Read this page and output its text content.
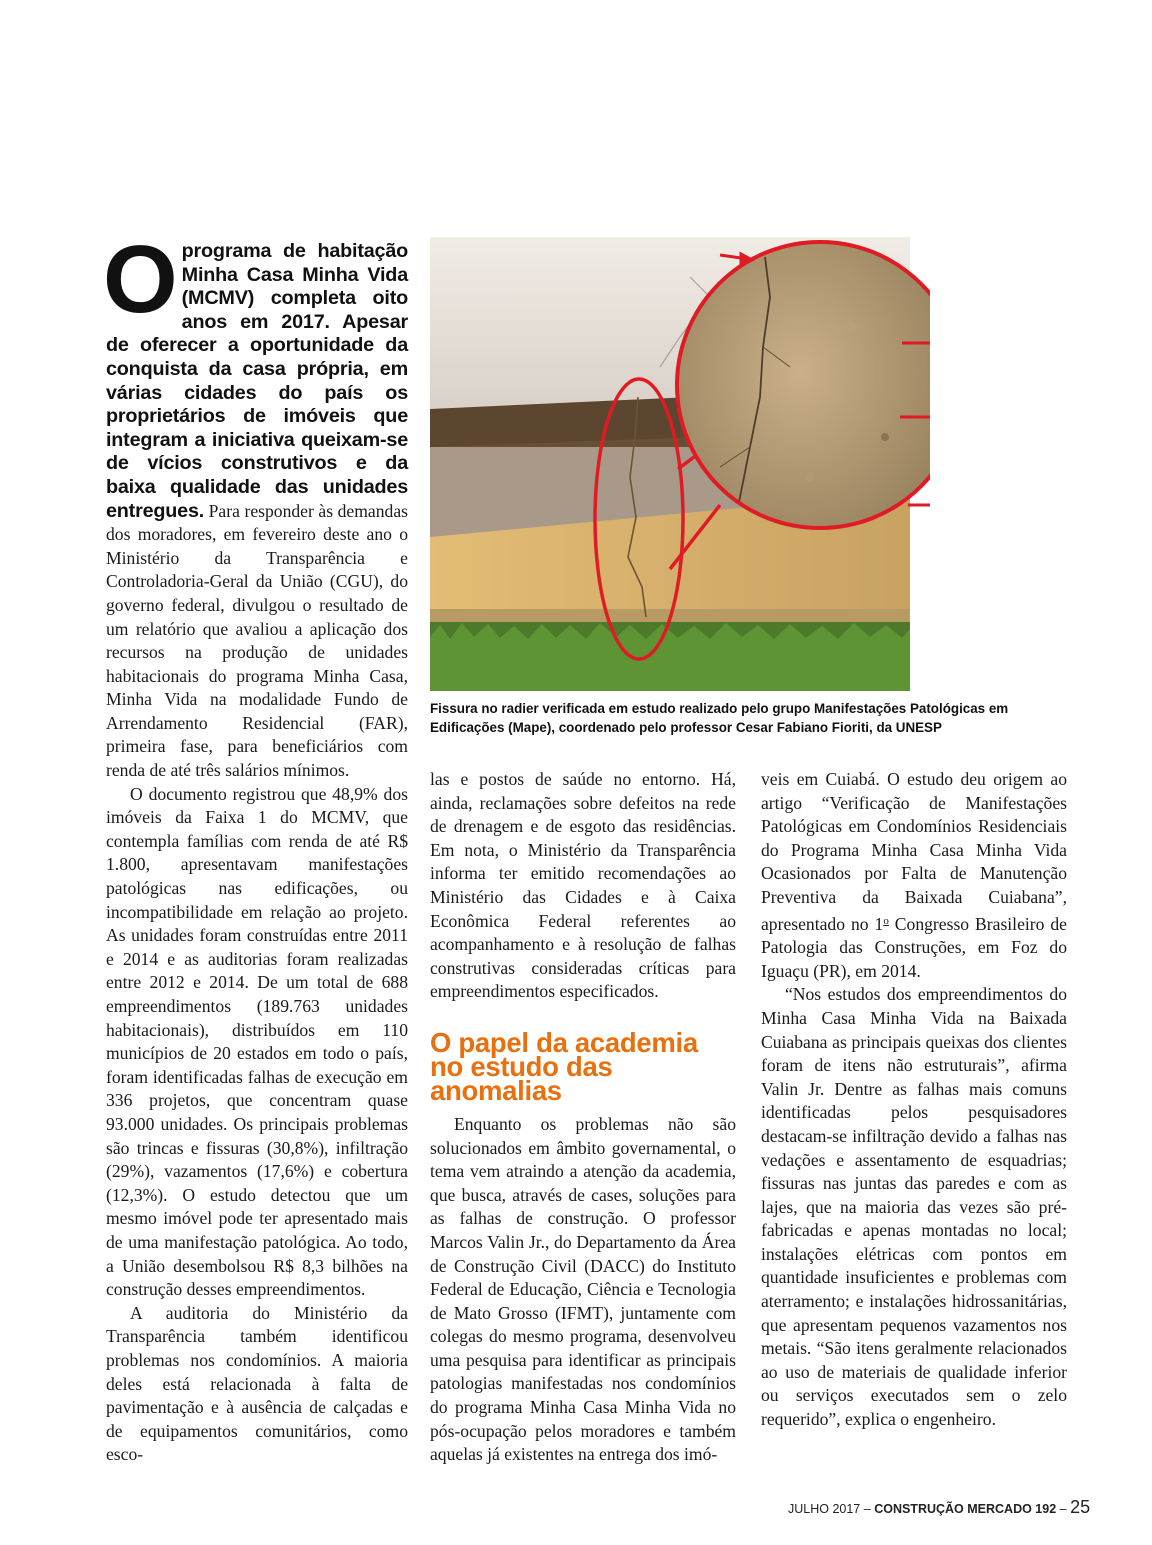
Oprograma de habitação Minha Casa Minha Vida (MCMV) completa oito anos em 2017. Apesar de oferecer a oportunidade da conquista da casa própria, em várias cidades do país os proprietários de imóveis que integram a iniciativa queixam-se de vícios construtivos e da baixa qualidade das unidades entregues. Para responder às demandas dos moradores, em fevereiro deste ano o Ministério da Transparência e Controladoria-Geral da União (CGU), do governo federal, divulgou o resultado de um relatório que avaliou a aplicação dos recursos na produção de unidades habitacionais do programa Minha Casa, Minha Vida na modalidade Fundo de Arrendamento Residencial (FAR), primeira fase, para beneficiários com renda de até três salários mínimos.

O documento registrou que 48,9% dos imóveis da Faixa 1 do MCMV, que contempla famílias com renda de até R$ 1.800, apresentavam manifestações patológicas nas edificações, ou incompatibilidade em relação ao projeto. As unidades foram construídas entre 2011 e 2014 e as auditorias foram realizadas entre 2012 e 2014. De um total de 688 empreendimentos (189.763 unidades habitacionais), distribuídos em 110 municípios de 20 estados em todo o país, foram identificadas falhas de execução em 336 projetos, que concentram quase 93.000 unidades. Os principais problemas são trincas e fissuras (30,8%), infiltração (29%), vazamentos (17,6%) e cobertura (12,3%). O estudo detectou que um mesmo imóvel pode ter apresentado mais de uma manifestação patológica. Ao todo, a União desembolsou R$ 8,3 bilhões na construção desses empreendimentos.

A auditoria do Ministério da Transparência também identificou problemas nos condomínios. A maioria deles está relacionada à falta de pavimentação e à ausência de calçadas e de equipamentos comunitários, como esco-

Fissura no radier verificada em estudo realizado pelo grupo Manifestações Patológicas em Edificações (Mape), coordenado pelo professor Cesar Fabiano Fioriti, da UNESP

las e postos de saúde no entorno. Há, ainda, reclamações sobre defeitos na rede de drenagem e de esgoto das residências. Em nota, o Ministério da Transparência informa ter emitido recomendações ao Ministério das Cidades e à Caixa Econômica Federal referentes ao acompanhamento e à resolução de falhas construtivas consideradas críticas para empreendimentos especificados.

O papel da academia no estudo das anomalias

Enquanto os problemas não são solucionados em âmbito governamental, o tema vem atraindo a atenção da academia, que busca, através de cases, soluções para as falhas de construção. O professor Marcos Valin Jr., do Departamento da Área de Construção Civil (DACC) do Instituto Federal de Educação, Ciência e Tecnologia de Mato Grosso (IFMT), juntamente com colegas do mesmo programa, desenvolveu uma pesquisa para identificar as principais patologias manifestadas nos condomínios do programa Minha Casa Minha Vida no pós-ocupação pelos moradores e também aquelas já existentes na entrega dos imó-

veis em Cuiabá. O estudo deu origem ao artigo “Verificação de Manifestações Patológicas em Condomínios Residenciais do Programa Minha Casa Minha Vida Ocasionados por Falta de Manutenção Preventiva da Baixada Cuiabana”, apresentado no 1$^o$ Congresso Brasileiro de Patologia das Construções, em Foz do Iguaçu (PR), em 2014.

“Nos estudos dos empreendimentos do Minha Casa Minha Vida na Baixada Cuiabana as principais queixas dos clientes foram de itens não estruturais”, afirma Valin Jr. Dentre as falhas mais comuns identificadas pelos pesquisadores destacam-se infiltração devido a falhas nas vedações e assentamento de esquadrias; fissuras nas juntas das paredes e com as lajes, que na maioria das vezes são pré-fabricadas e apenas montadas no local; instalações elétricas com pontos em quantidade insuficientes e problemas com aterramento; e instalações hidrossanitárias, que apresentam pequenos vazamentos nos metais. “São itens geralmente relacionados ao uso de materiais de qualidade inferior ou serviços executados sem o zelo requerido”, explica o engenheiro.

JULHO 2017 – CONSTRUÇÃO MERCADO 192 – 25
